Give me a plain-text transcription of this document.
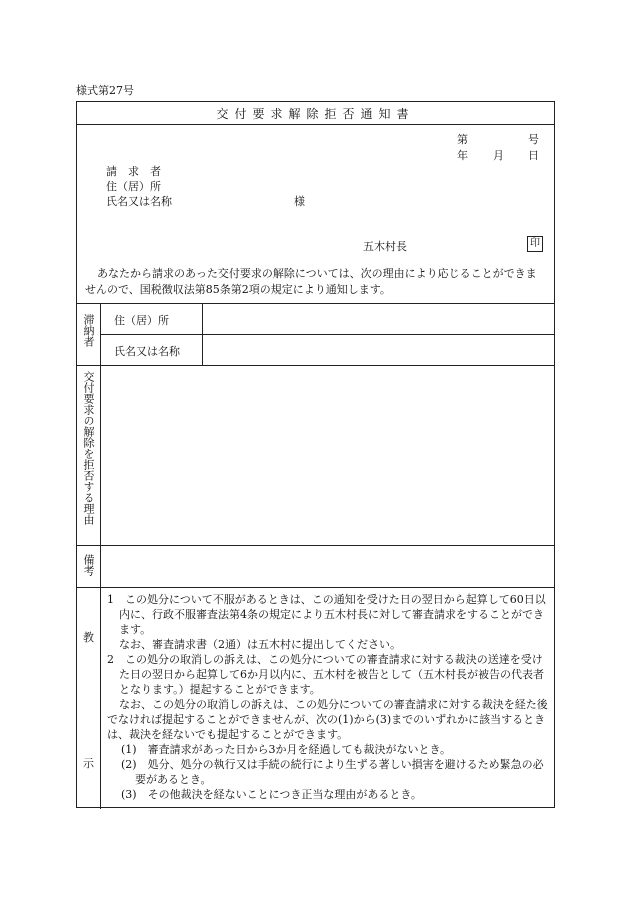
様式第27号
交付要求解除拒否通知書
第	号
年 月 日
請　求　者
住（居）所
氏名又は名称	様
五木村長	印
あなたから請求のあった交付要求の解除については、次の理由により応じることができませんので、国税徴収法第85条第2項の規定により通知します。
滞納者 住（居）所
氏名又は名称
交付要求の解除を拒否する理由
備考
教
示

1　この処分について不服があるときは、この通知を受けた日の翌日から起算して60日以内に、行政不服審査法第4条の規定により五木村長に対して審査請求をすることができます。

なお、審査請求書（2通）は五木村に提出してください。

2　この処分の取消しの訴えは、この処分についての審査請求に対する裁決の送達を受けた日の翌日から起算して6か月以内に、五木村を被告として（五木村長が被告の代表者となります。）提起することができます。

なお、この処分の取消しの訴えは、この処分についての審査請求に対する裁決を経た後でなければ提起することができませんが、次の(1)から(3)までのいずれかに該当するときは、裁決を経ないでも提起することができます。

(1)　審査請求があった日から3か月を経過しても裁決がないとき。

(2)　処分、処分の執行又は手続の続行により生ずる著しい損害を避けるため緊急の必要があるとき。

(3)　その他裁決を経ないことにつき正当な理由があるとき。
